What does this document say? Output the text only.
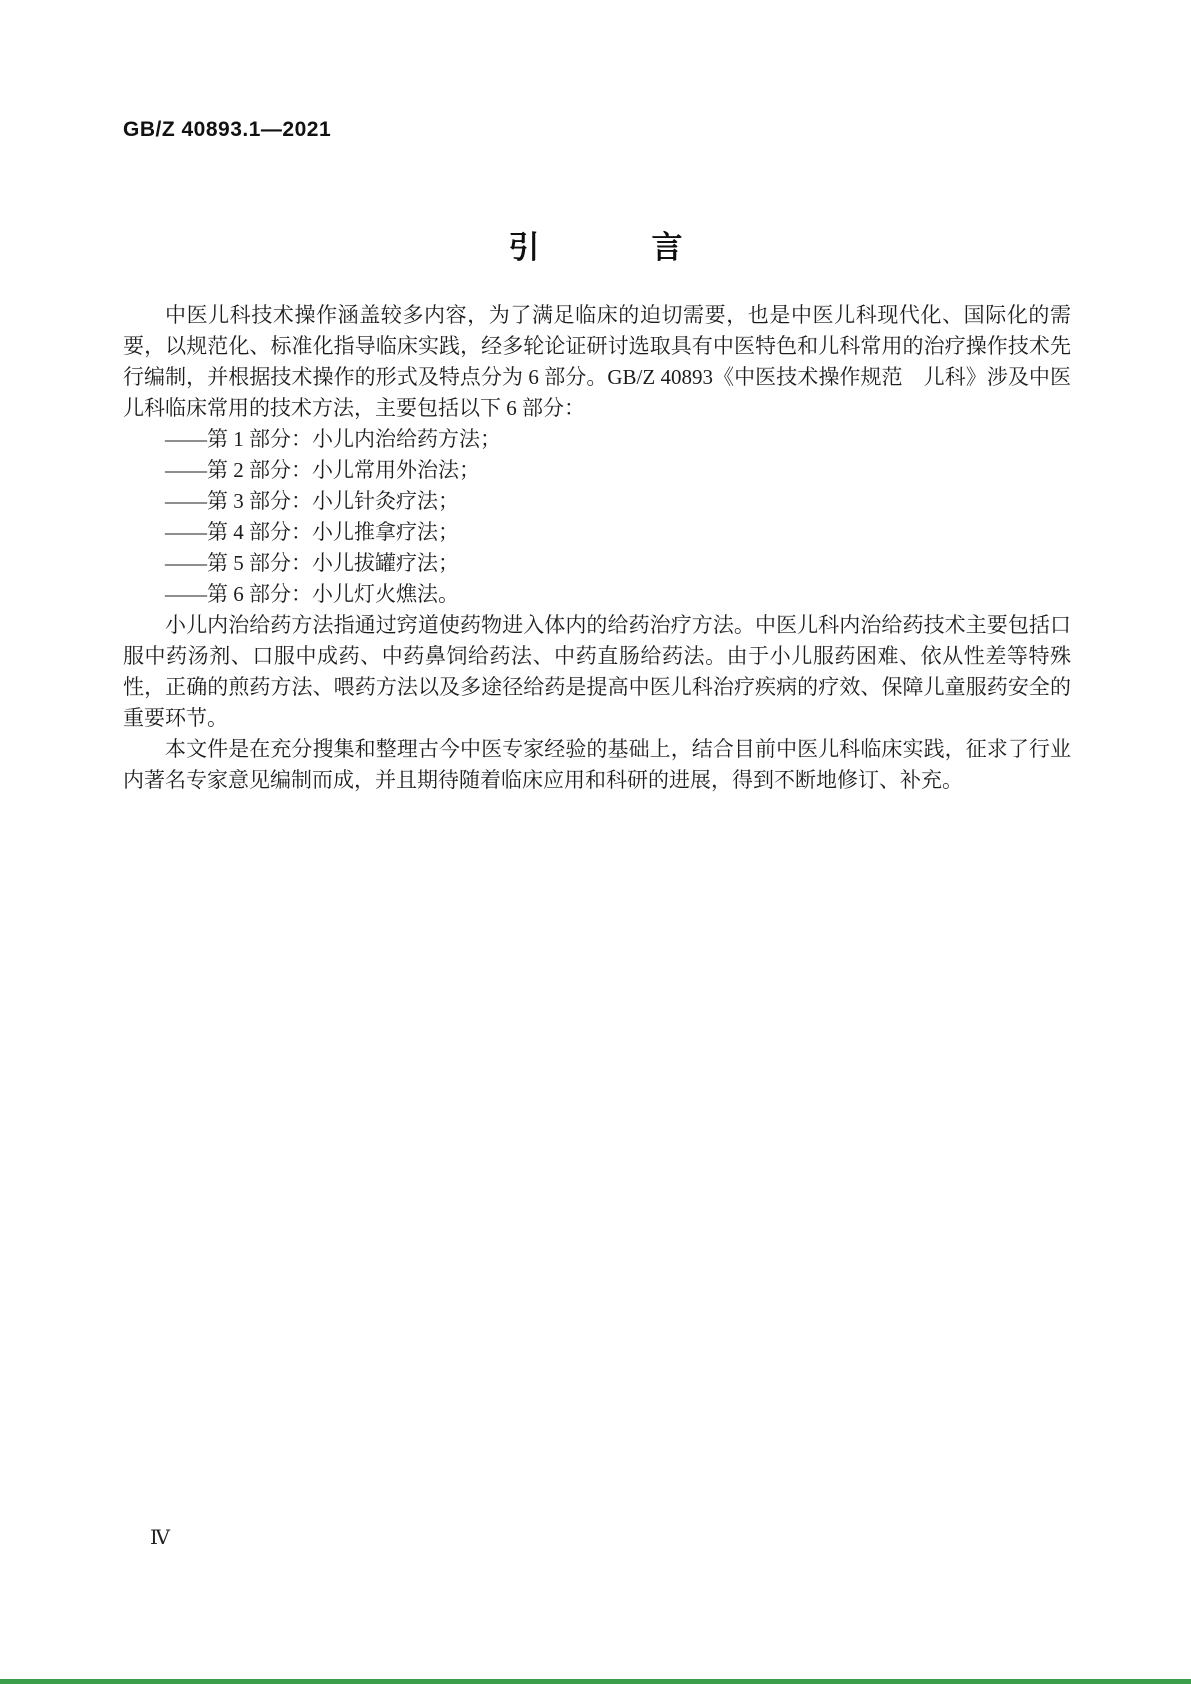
GB/Z 40893.1—2021
引	言

中医儿科技术操作涵盖较多内容，为了满足临床的迫切需要，也是中医儿科现代化、国际化的需要，以规范化、标准化指导临床实践，经多轮论证研讨选取具有中医特色和儿科常用的治疗操作技术先行编制，并根据技术操作的形式及特点分为 6 部分。GB/Z 40893《中医技术操作规范　儿科》涉及中医儿科临床常用的技术方法，主要包括以下 6 部分：

——第 1 部分：小儿内治给药方法；
——第 2 部分：小儿常用外治法；
——第 3 部分：小儿针灸疗法；
——第 4 部分：小儿推拿疗法；
——第 5 部分：小儿拔罐疗法；
——第 6 部分：小儿灯火燋法。

小儿内治给药方法指通过窍道使药物进入体内的给药治疗方法。中医儿科内治给药技术主要包括口服中药汤剂、口服中成药、中药鼻饲给药法、中药直肠给药法。由于小儿服药困难、依从性差等特殊性，正确的煎药方法、喂药方法以及多途径给药是提高中医儿科治疗疾病的疗效、保障儿童服药安全的重要环节。

本文件是在充分搜集和整理古今中医专家经验的基础上，结合目前中医儿科临床实践，征求了行业内著名专家意见编制而成，并且期待随着临床应用和科研的进展，得到不断地修订、补充。

Ⅳ
